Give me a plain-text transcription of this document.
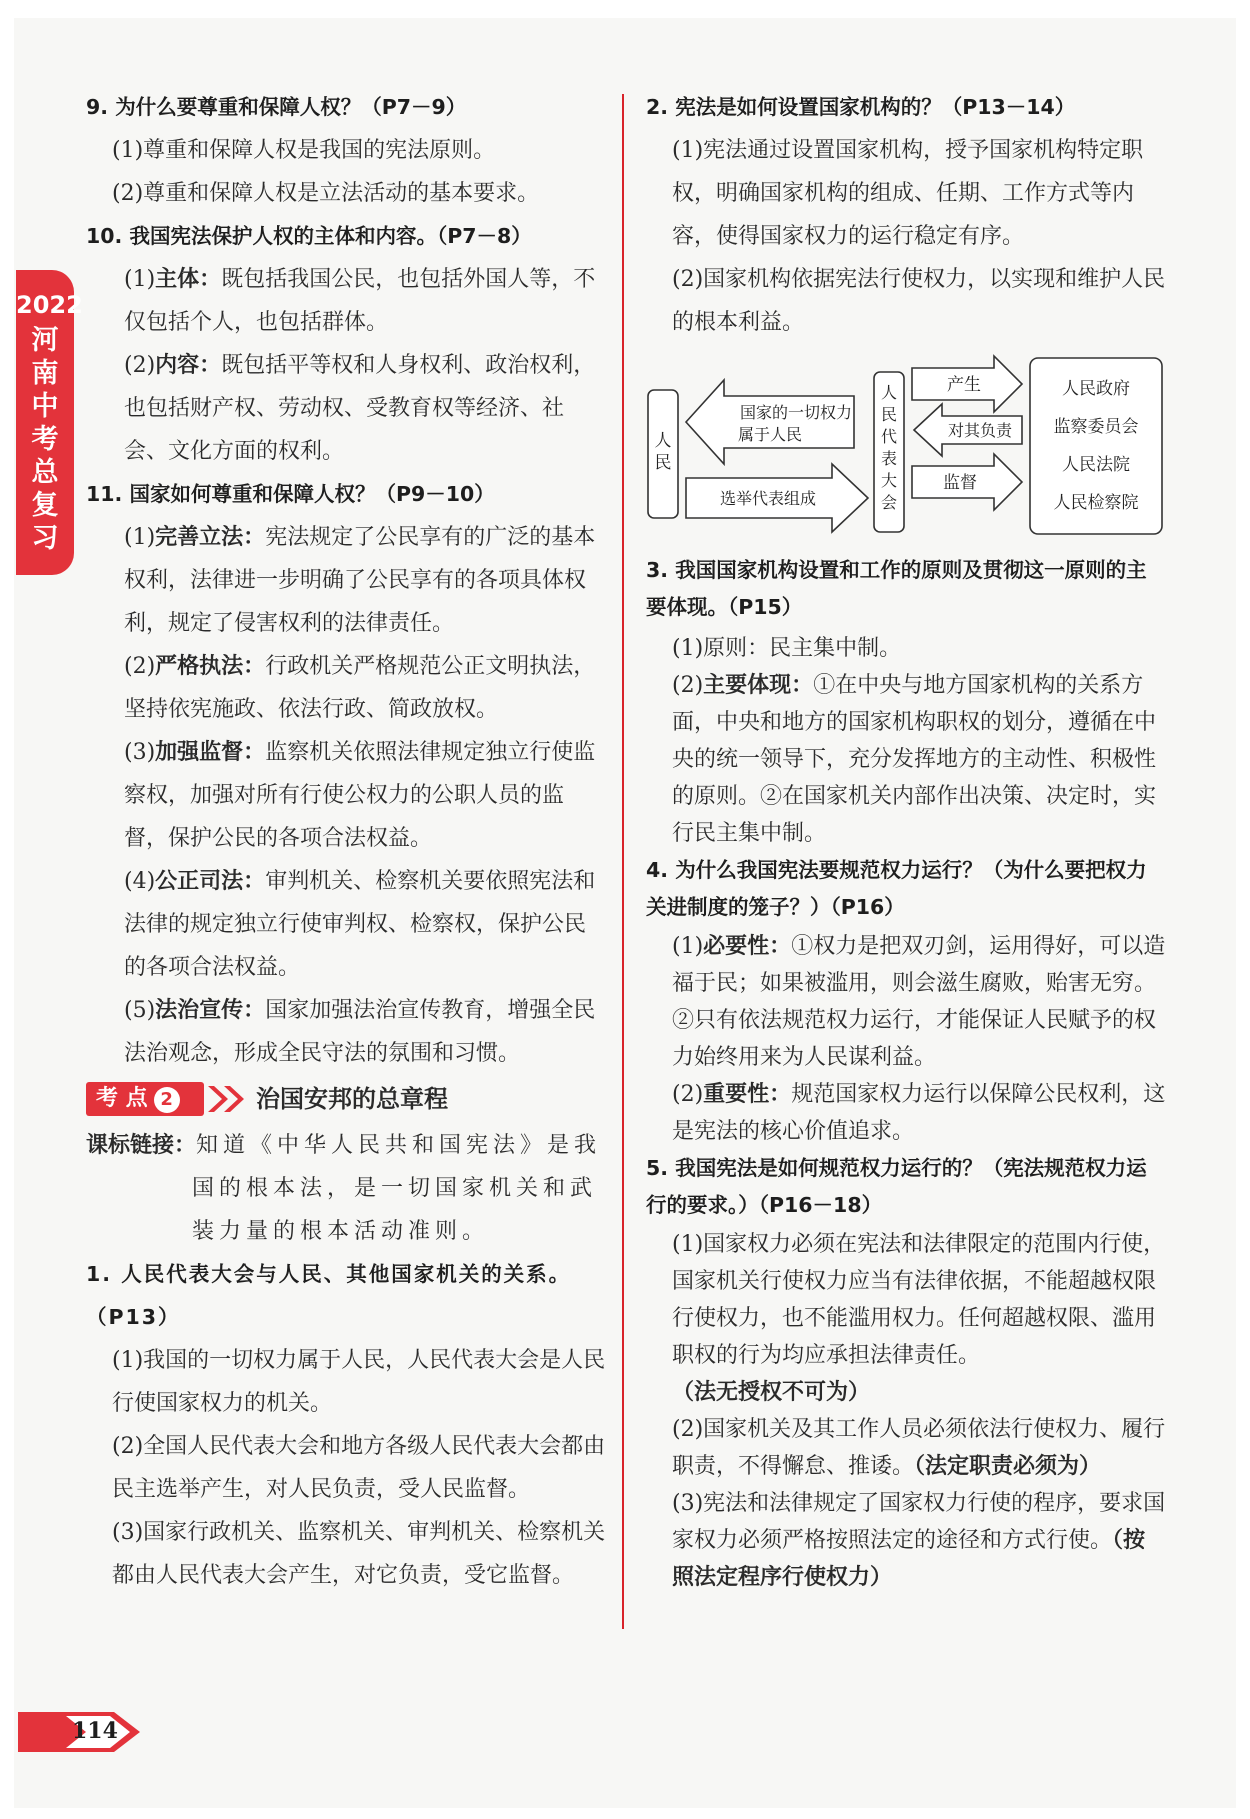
2022
河
南
中
考
总
复
习
9. 为什么要尊重和保障人权？（P7－9）
(1)尊重和保障人权是我国的宪法原则。
(2)尊重和保障人权是立法活动的基本要求。
10. 我国宪法保护人权的主体和内容。（P7－8）
(1)主体：既包括我国公民，也包括外国人等，不仅包括个人，也包括群体。
(2)内容：既包括平等权和人身权利、政治权利，也包括财产权、劳动权、受教育权等经济、社会、文化方面的权利。
11. 国家如何尊重和保障人权？（P9－10）
(1)完善立法：宪法规定了公民享有的广泛的基本权利，法律进一步明确了公民享有的各项具体权利，规定了侵害权利的法律责任。
(2)严格执法：行政机关严格规范公正文明执法，坚持依宪施政、依法行政、简政放权。
(3)加强监督：监察机关依照法律规定独立行使监察权，加强对所有行使公权力的公职人员的监督，保护公民的各项合法权益。
(4)公正司法：审判机关、检察机关要依照宪法和法律的规定独立行使审判权、检察权，保护公民的各项合法权益。
(5)法治宣传：国家加强法治宣传教育，增强全民法治观念，形成全民守法的氛围和习惯。
考 点 2	治国安邦的总章程
课标链接：知道《中华人民共和国宪法》是我国的根本法，是一切国家机关和武装力量的根本活动准则。
1. 人民代表大会与人民、其他国家机关的关系。（P13）
(1)我国的一切权力属于人民，人民代表大会是人民行使国家权力的机关。
(2)全国人民代表大会和地方各级人民代表大会都由民主选举产生，对人民负责，受人民监督。
(3)国家行政机关、监察机关、审判机关、检察机关都由人民代表大会产生，对它负责，受它监督。
2. 宪法是如何设置国家机构的？（P13－14）
(1)宪法通过设置国家机构，授予国家机构特定职权，明确国家机构的组成、任期、工作方式等内容，使得国家权力的运行稳定有序。
(2)国家机构依据宪法行使权力，以实现和维护人民的根本利益。
人民
国家的一切权力属于人民
选举代表组成
人民代表大会
产生
对其负责
监督
人民政府
监察委员会
人民法院
人民检察院
3. 我国国家机构设置和工作的原则及贯彻这一原则的主要体现。（P15）
(1)原则：民主集中制。
(2)主要体现：①在中央与地方国家机构的关系方面，中央和地方的国家机构职权的划分，遵循在中央的统一领导下，充分发挥地方的主动性、积极性的原则。②在国家机关内部作出决策、决定时，实行民主集中制。
4. 为什么我国宪法要规范权力运行？（为什么要把权力关进制度的笼子？）（P16）
(1)必要性：①权力是把双刃剑，运用得好，可以造福于民；如果被滥用，则会滋生腐败，贻害无穷。②只有依法规范权力运行，才能保证人民赋予的权力始终用来为人民谋利益。
(2)重要性：规范国家权力运行以保障公民权利，这是宪法的核心价值追求。
5. 我国宪法是如何规范权力运行的？（宪法规范权力运行的要求。）（P16－18）
(1)国家权力必须在宪法和法律限定的范围内行使，国家机关行使权力应当有法律依据，不能超越权限行使权力，也不能滥用权力。任何超越权限、滥用职权的行为均应承担法律责任。（法无授权不可为）
(2)国家机关及其工作人员必须依法行使权力、履行职责，不得懈怠、推诿。（法定职责必须为）
(3)宪法和法律规定了国家权力行使的程序，要求国家权力必须严格按照法定的途径和方式行使。（按照法定程序行使权力）
114
